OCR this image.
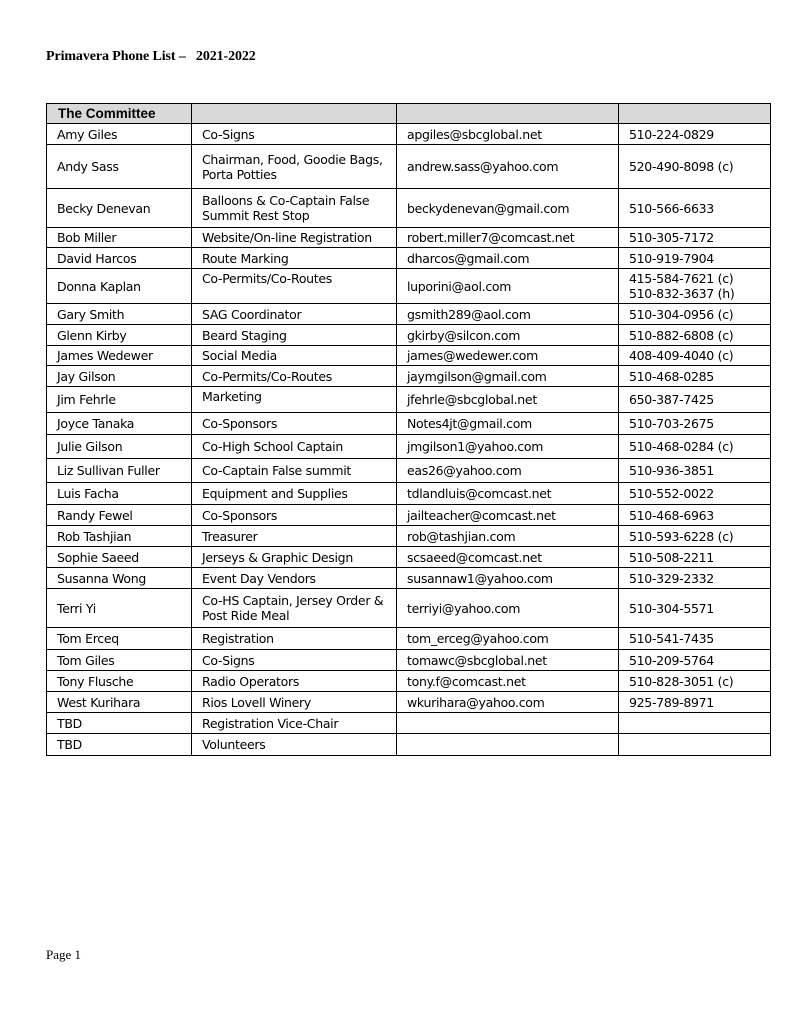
Primavera Phone List –   2021-2022
The Committee			
Amy Giles	Co-Signs	apgiles@sbcglobal.net	510-224-0829

Andy Sass	Chairman, Food, Goodie Bags, Porta Potties	andrew.sass@yahoo.com	520-490-8098 (c)

Becky Denevan	Balloons & Co-Captain False Summit Rest Stop	beckydenevan@gmail.com	510-566-6633

Bob Miller	Website/On-line Registration	robert.miller7@comcast.net	510-305-7172

David Harcos	Route Marking	dharcos@gmail.com	510-919-7904

Donna Kaplan	Co-Permits/Co-Routes	luporini@aol.com	415-584-7621 (c)
510-832-3637 (h)

Gary Smith	SAG Coordinator	gsmith289@aol.com	510-304-0956 (c)

Glenn Kirby	Beard Staging	gkirby@silcon.com	510-882-6808 (c)

James Wedewer	Social Media	james@wedewer.com	408-409-4040 (c)

Jay Gilson	Co-Permits/Co-Routes	jaymgilson@gmail.com	510-468-0285

Jim Fehrle	Marketing	jfehrle@sbcglobal.net	650-387-7425

Joyce Tanaka	Co-Sponsors	Notes4jt@gmail.com	510-703-2675

Julie Gilson	Co-High School Captain	jmgilson1@yahoo.com	510-468-0284 (c)

Liz Sullivan Fuller	Co-Captain False summit	eas26@yahoo.com	510-936-3851

Luis Facha	Equipment and Supplies	tdlandluis@comcast.net	510-552-0022

Randy Fewel	Co-Sponsors	jailteacher@comcast.net	510-468-6963

Rob Tashjian	Treasurer	rob@tashjian.com	510-593-6228 (c)

Sophie Saeed	Jerseys & Graphic Design	scsaeed@comcast.net	510-508-2211

Susanna Wong	Event Day Vendors	susannaw1@yahoo.com	510-329-2332

Terri Yi	Co-HS Captain, Jersey Order & Post Ride Meal	terriyi@yahoo.com	510-304-5571

Tom Erceq	Registration	tom_erceg@yahoo.com	510-541-7435

Tom Giles	Co-Signs	tomawc@sbcglobal.net	510-209-5764

Tony Flusche	Radio Operators	tony.f@comcast.net	510-828-3051 (c)

West Kurihara	Rios Lovell Winery	wkurihara@yahoo.com	925-789-8971

TBD	Registration Vice-Chair		

TBD	Volunteers		
Page 1
